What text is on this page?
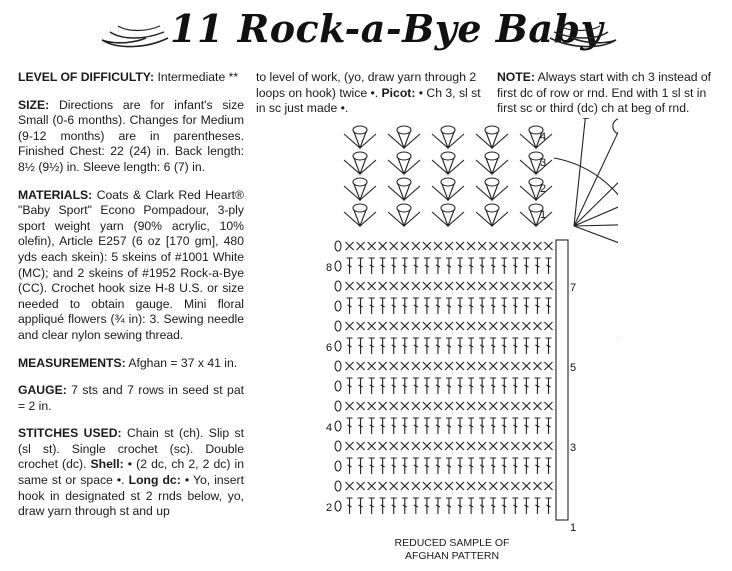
11 Rock-a-Bye Baby

LEVEL OF DIFFICULTY: Intermediate **

SIZE: Directions are for infant's size Small (0-6 months). Changes for Medium (9-12 months) are in parentheses. Finished Chest: 22 (24) in. Back length: 8½ (9½) in. Sleeve length: 6 (7) in.

MATERIALS: Coats & Clark Red Heart® "Baby Sport" Econo Pompadour, 3-ply sport weight yarn (90% acrylic, 10% olefin), Article E257 (6 oz [170 gm], 480 yds each skein): 5 skeins of #1001 White (MC); and 2 skeins of #1952 Rock-a-Bye (CC). Crochet hook size H-8 U.S. or size needed to obtain gauge. Mini floral appliqué flowers (¾ in): 3. Sewing needle and clear nylon sewing thread.

MEASUREMENTS: Afghan = 37 x 41 in.

GAUGE: 7 sts and 7 rows in seed st pat = 2 in.

STITCHES USED: Chain st (ch). Slip st (sl st). Single crochet (sc). Double crochet (dc). Shell: • (2 dc, ch 2, 2 dc) in same st or space •. Long dc: • Yo, insert hook in designated st 2 rnds below, yo, draw yarn through st and up

to level of work, (yo, draw yarn through 2 loops on hook) twice •. Picot: • Ch 3, sl st in sc just made •.

NOTE: Always start with ch 3 instead of first dc of row or rnd. End with 1 sl st in first sc or third (dc) ch at beg of rnd.

8
6
4
2
7
5
3
1
4
3
2
1
REDUCED SAMPLE OF
AFGHAN PATTERN
